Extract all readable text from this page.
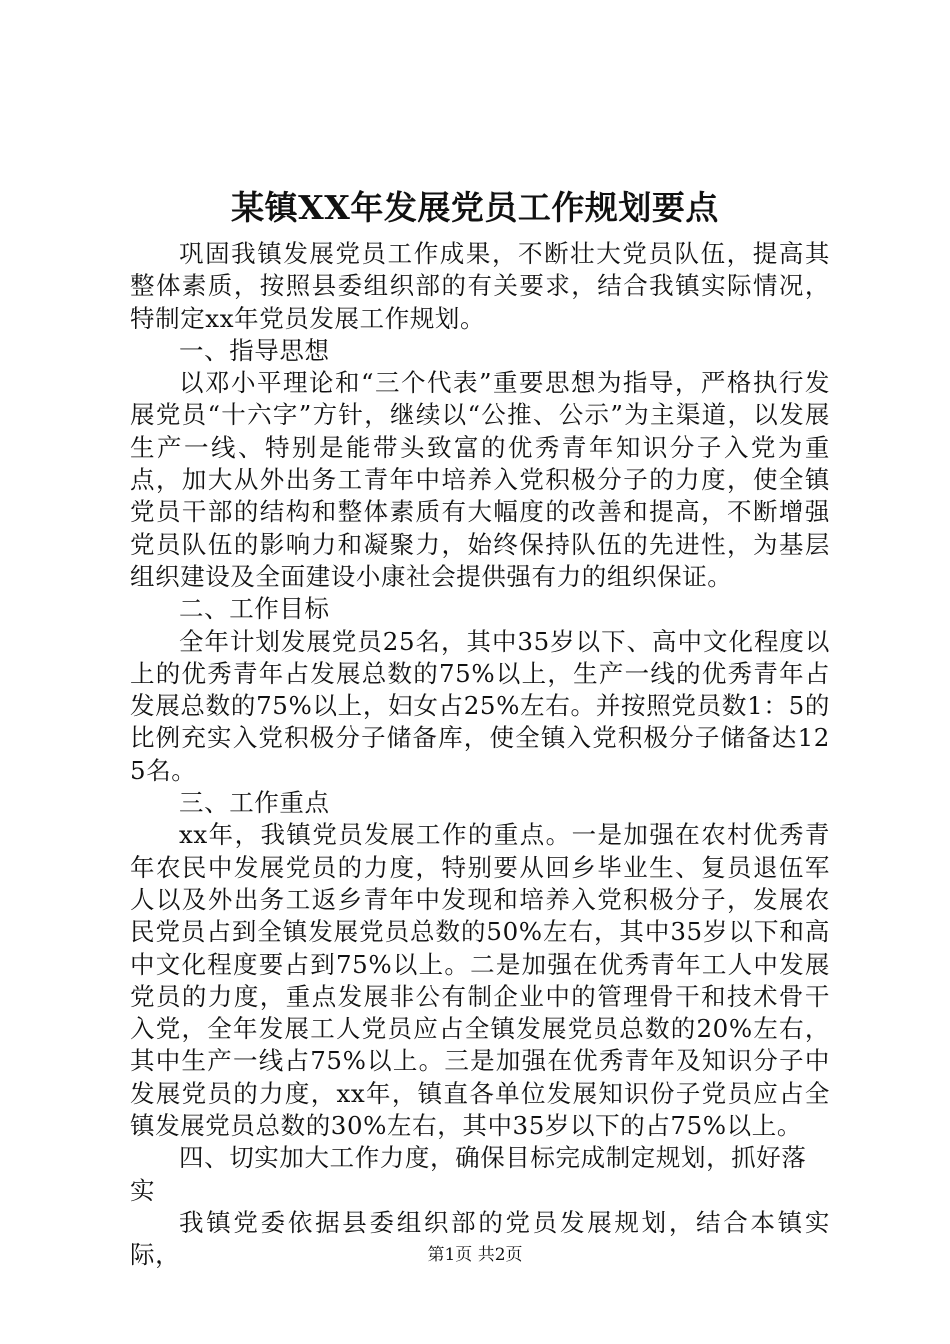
某镇XX年发展党员工作规划要点

巩固我镇发展党员工作成果，不断壮大党员队伍，提高其整体素质，按照县委组织部的有关要求，结合我镇实际情况，特制定xx年党员发展工作规划。

一、指导思想

以邓小平理论和“三个代表”重要思想为指导，严格执行发展党员“十六字”方针，继续以“公推、公示”为主渠道，以发展生产一线、特别是能带头致富的优秀青年知识分子入党为重点，加大从外出务工青年中培养入党积极分子的力度，使全镇党员干部的结构和整体素质有大幅度的改善和提高，不断增强党员队伍的影响力和凝聚力，始终保持队伍的先进性，为基层组织建设及全面建设小康社会提供强有力的组织保证。

二、工作目标

全年计划发展党员25名，其中35岁以下、高中文化程度以上的优秀青年占发展总数的75%以上，生产一线的优秀青年占发展总数的75%以上，妇女占25%左右。并按照党员数1：5的比例充实入党积极分子储备库，使全镇入党积极分子储备达125名。

三、工作重点

xx年，我镇党员发展工作的重点。一是加强在农村优秀青年农民中发展党员的力度，特别要从回乡毕业生、复员退伍军人以及外出务工返乡青年中发现和培养入党积极分子，发展农民党员占到全镇发展党员总数的50%左右，其中35岁以下和高中文化程度要占到75%以上。二是加强在优秀青年工人中发展党员的力度，重点发展非公有制企业中的管理骨干和技术骨干入党，全年发展工人党员应占全镇发展党员总数的20%左右，其中生产一线占75%以上。三是加强在优秀青年及知识分子中发展党员的力度，xx年，镇直各单位发展知识份子党员应占全镇发展党员总数的30%左右，其中35岁以下的占75%以上。

四、切实加大工作力度，确保目标完成制定规划，抓好落实

我镇党委依据县委组织部的党员发展规划，结合本镇实际，	第1页 共2页
